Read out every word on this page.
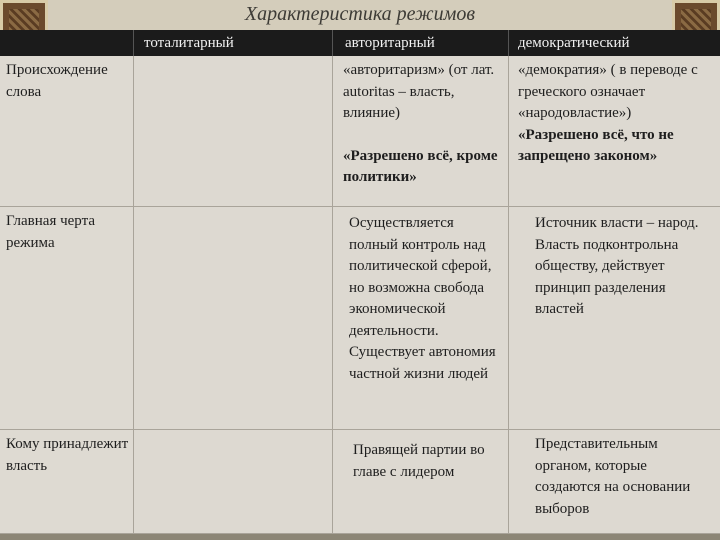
Характеристика режимов
тоталитарный	авторитарный	демократический
Происхождение слова
«авторитаризм» (от лат. autoritas – власть, влияние)
«Разрешено всё, кроме политики»
«демократия» ( в переводе с греческого означает «народовластие»)
«Разрешено всё, что не запрещено законом»
Главная черта режима
Осуществляется полный контроль над политической сферой, но возможна свобода экономической деятельности. Существует автономия частной жизни людей
Источник власти – народ. Власть подконтрольна обществу, действует принцип разделения властей
Кому принадлежит власть
Правящей партии во главе с лидером
Представительным органом, которые создаются на основании выборов
